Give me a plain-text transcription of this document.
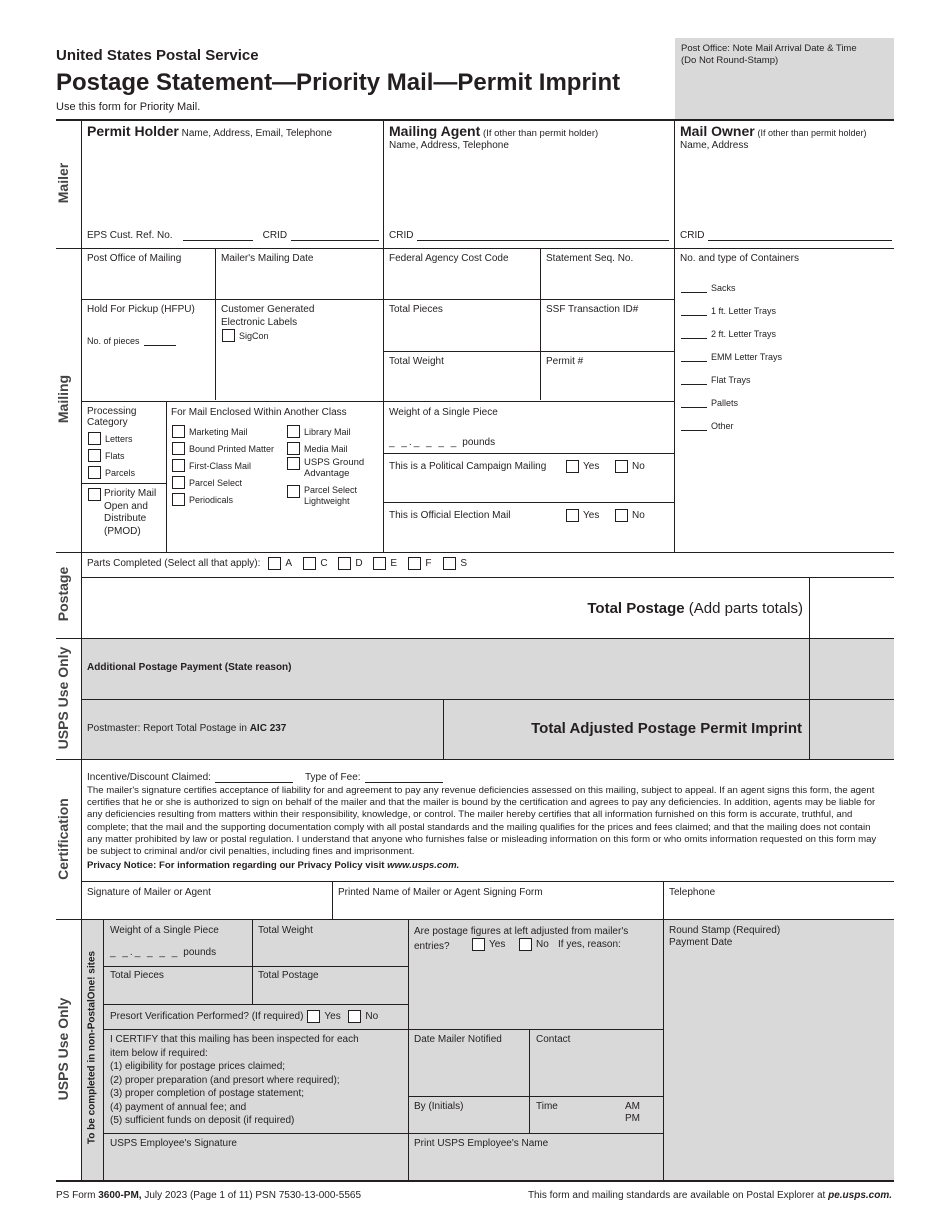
United States Postal Service
Postage Statement—Priority Mail—Permit Imprint
Use this form for Priority Mail.
Post Office: Note Mail Arrival Date & Time (Do Not Round-Stamp)
Mailer
Mailing
Postage
USPS Use Only
Certification
USPS Use Only
Permit Holder Name, Address, Email, Telephone
EPS Cust. Ref. No.	CRID
Mailing Agent (If other than permit holder)
Name, Address, Telephone
CRID
Mail Owner (If other than permit holder)
Name, Address
CRID
Post Office of Mailing	Mailer's Mailing Date	Federal Agency Cost Code	Statement Seq. No.	No. and type of Containers
Sacks
1 ft. Letter Trays
2 ft. Letter Trays
EMM Letter Trays
Flat Trays
Pallets
Other
Hold For Pickup (HFPU)
No. of pieces
Customer Generated Electronic Labels
SigCon
Total Pieces	SSF Transaction ID#
Total Weight	Permit #
Processing Category
Letters
Flats
Parcels
Priority Mail Open and Distribute (PMOD)
For Mail Enclosed Within Another Class
Marketing Mail
Bound Printed Matter
First-Class Mail
Parcel Select
Periodicals
Library Mail
Media Mail
USPS Ground Advantage
Parcel Select Lightweight
Weight of a Single Piece
_ _._ _ _ _ pounds
This is a Political Campaign Mailing	Yes	No
This is Official Election Mail	Yes	No
Parts Completed (Select all that apply):	A	C	D	E	F	S
Total Postage (Add parts totals)
Additional Postage Payment (State reason)
Postmaster: Report Total Postage in AIC 237	Total Adjusted Postage Permit Imprint
Incentive/Discount Claimed:	Type of Fee:
The mailer's signature certifies acceptance of liability for and agreement to pay any revenue deficiencies assessed on this mailing, subject to appeal. If an agent signs this form, the agent certifies that he or she is authorized to sign on behalf of the mailer and that the mailer is bound by the certification and agrees to pay any deficiencies. In addition, agents may be liable for any deficiencies resulting from matters within their responsibility, knowledge, or control. The mailer hereby certifies that all information furnished on this form is accurate, truthful, and complete; that the mail and the supporting documentation comply with all postal standards and the mailing qualifies for the prices and fees claimed; and that the mailing does not contain any matter prohibited by law or postal regulation. I understand that anyone who furnishes false or misleading information on this form or who omits information requested on this form may be subject to criminal and/or civil penalties, including fines and imprisonment.
Privacy Notice: For information regarding our Privacy Policy visit www.usps.com.
Signature of Mailer or Agent	Printed Name of Mailer or Agent Signing Form	Telephone
To be completed in non-PostalOne! sites
Weight of a Single Piece
_ _._ _ _ _ pounds
Total Weight
Total Pieces	Total Postage
Presort Verification Performed? (If required) Yes	No
Are postage figures at left adjusted from mailer's entries?	Yes	No If yes, reason:
Round Stamp (Required)
Payment Date
I CERTIFY that this mailing has been inspected for each item below if required:
(1) eligibility for postage prices claimed;
(2) proper preparation (and presort where required);
(3) proper completion of postage statement;
(4) payment of annual fee; and
(5) sufficient funds on deposit (if required)
Date Mailer Notified	Contact
By (Initials)	Time	AM
PM
USPS Employee's Signature	Print USPS Employee's Name
PS Form 3600-PM, July 2023 (Page 1 of 11) PSN 7530-13-000-5565	This form and mailing standards are available on Postal Explorer at pe.usps.com.
